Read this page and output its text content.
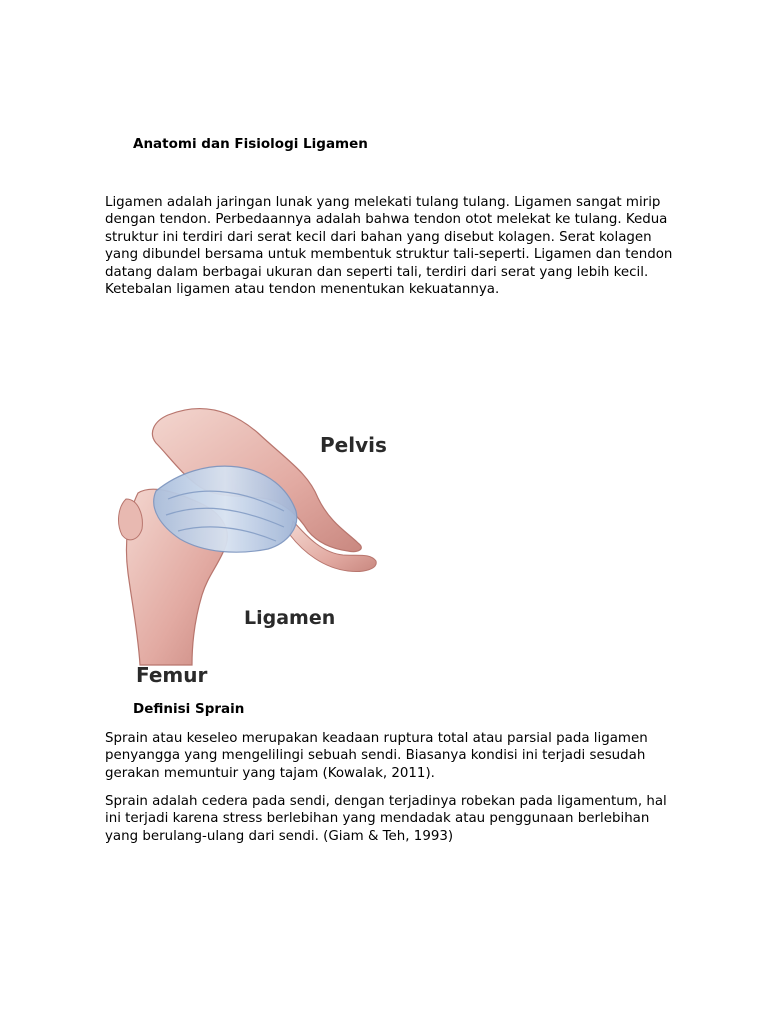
Anatomi dan Fisiologi Ligamen

Ligamen adalah jaringan lunak yang melekati tulang tulang. Ligamen sangat mirip dengan tendon. Perbedaannya adalah bahwa tendon otot melekat ke tulang. Kedua struktur ini terdiri dari serat kecil dari bahan yang disebut kolagen. Serat kolagen yang dibundel bersama untuk membentuk struktur tali-seperti. Ligamen dan tendon datang dalam berbagai ukuran dan seperti tali, terdiri dari serat yang lebih kecil. Ketebalan ligamen atau tendon menentukan kekuatannya.

Pelvis
Ligamen
Femur
Definisi Sprain

Sprain atau keseleo merupakan keadaan ruptura total atau parsial pada ligamen penyangga yang mengelilingi sebuah sendi. Biasanya kondisi ini terjadi sesudah gerakan memuntuir yang tajam (Kowalak, 2011).

Sprain adalah cedera pada sendi, dengan terjadinya robekan pada ligamentum, hal ini terjadi karena stress berlebihan yang mendadak atau penggunaan berlebihan yang berulang-ulang dari sendi. (Giam & Teh, 1993)
